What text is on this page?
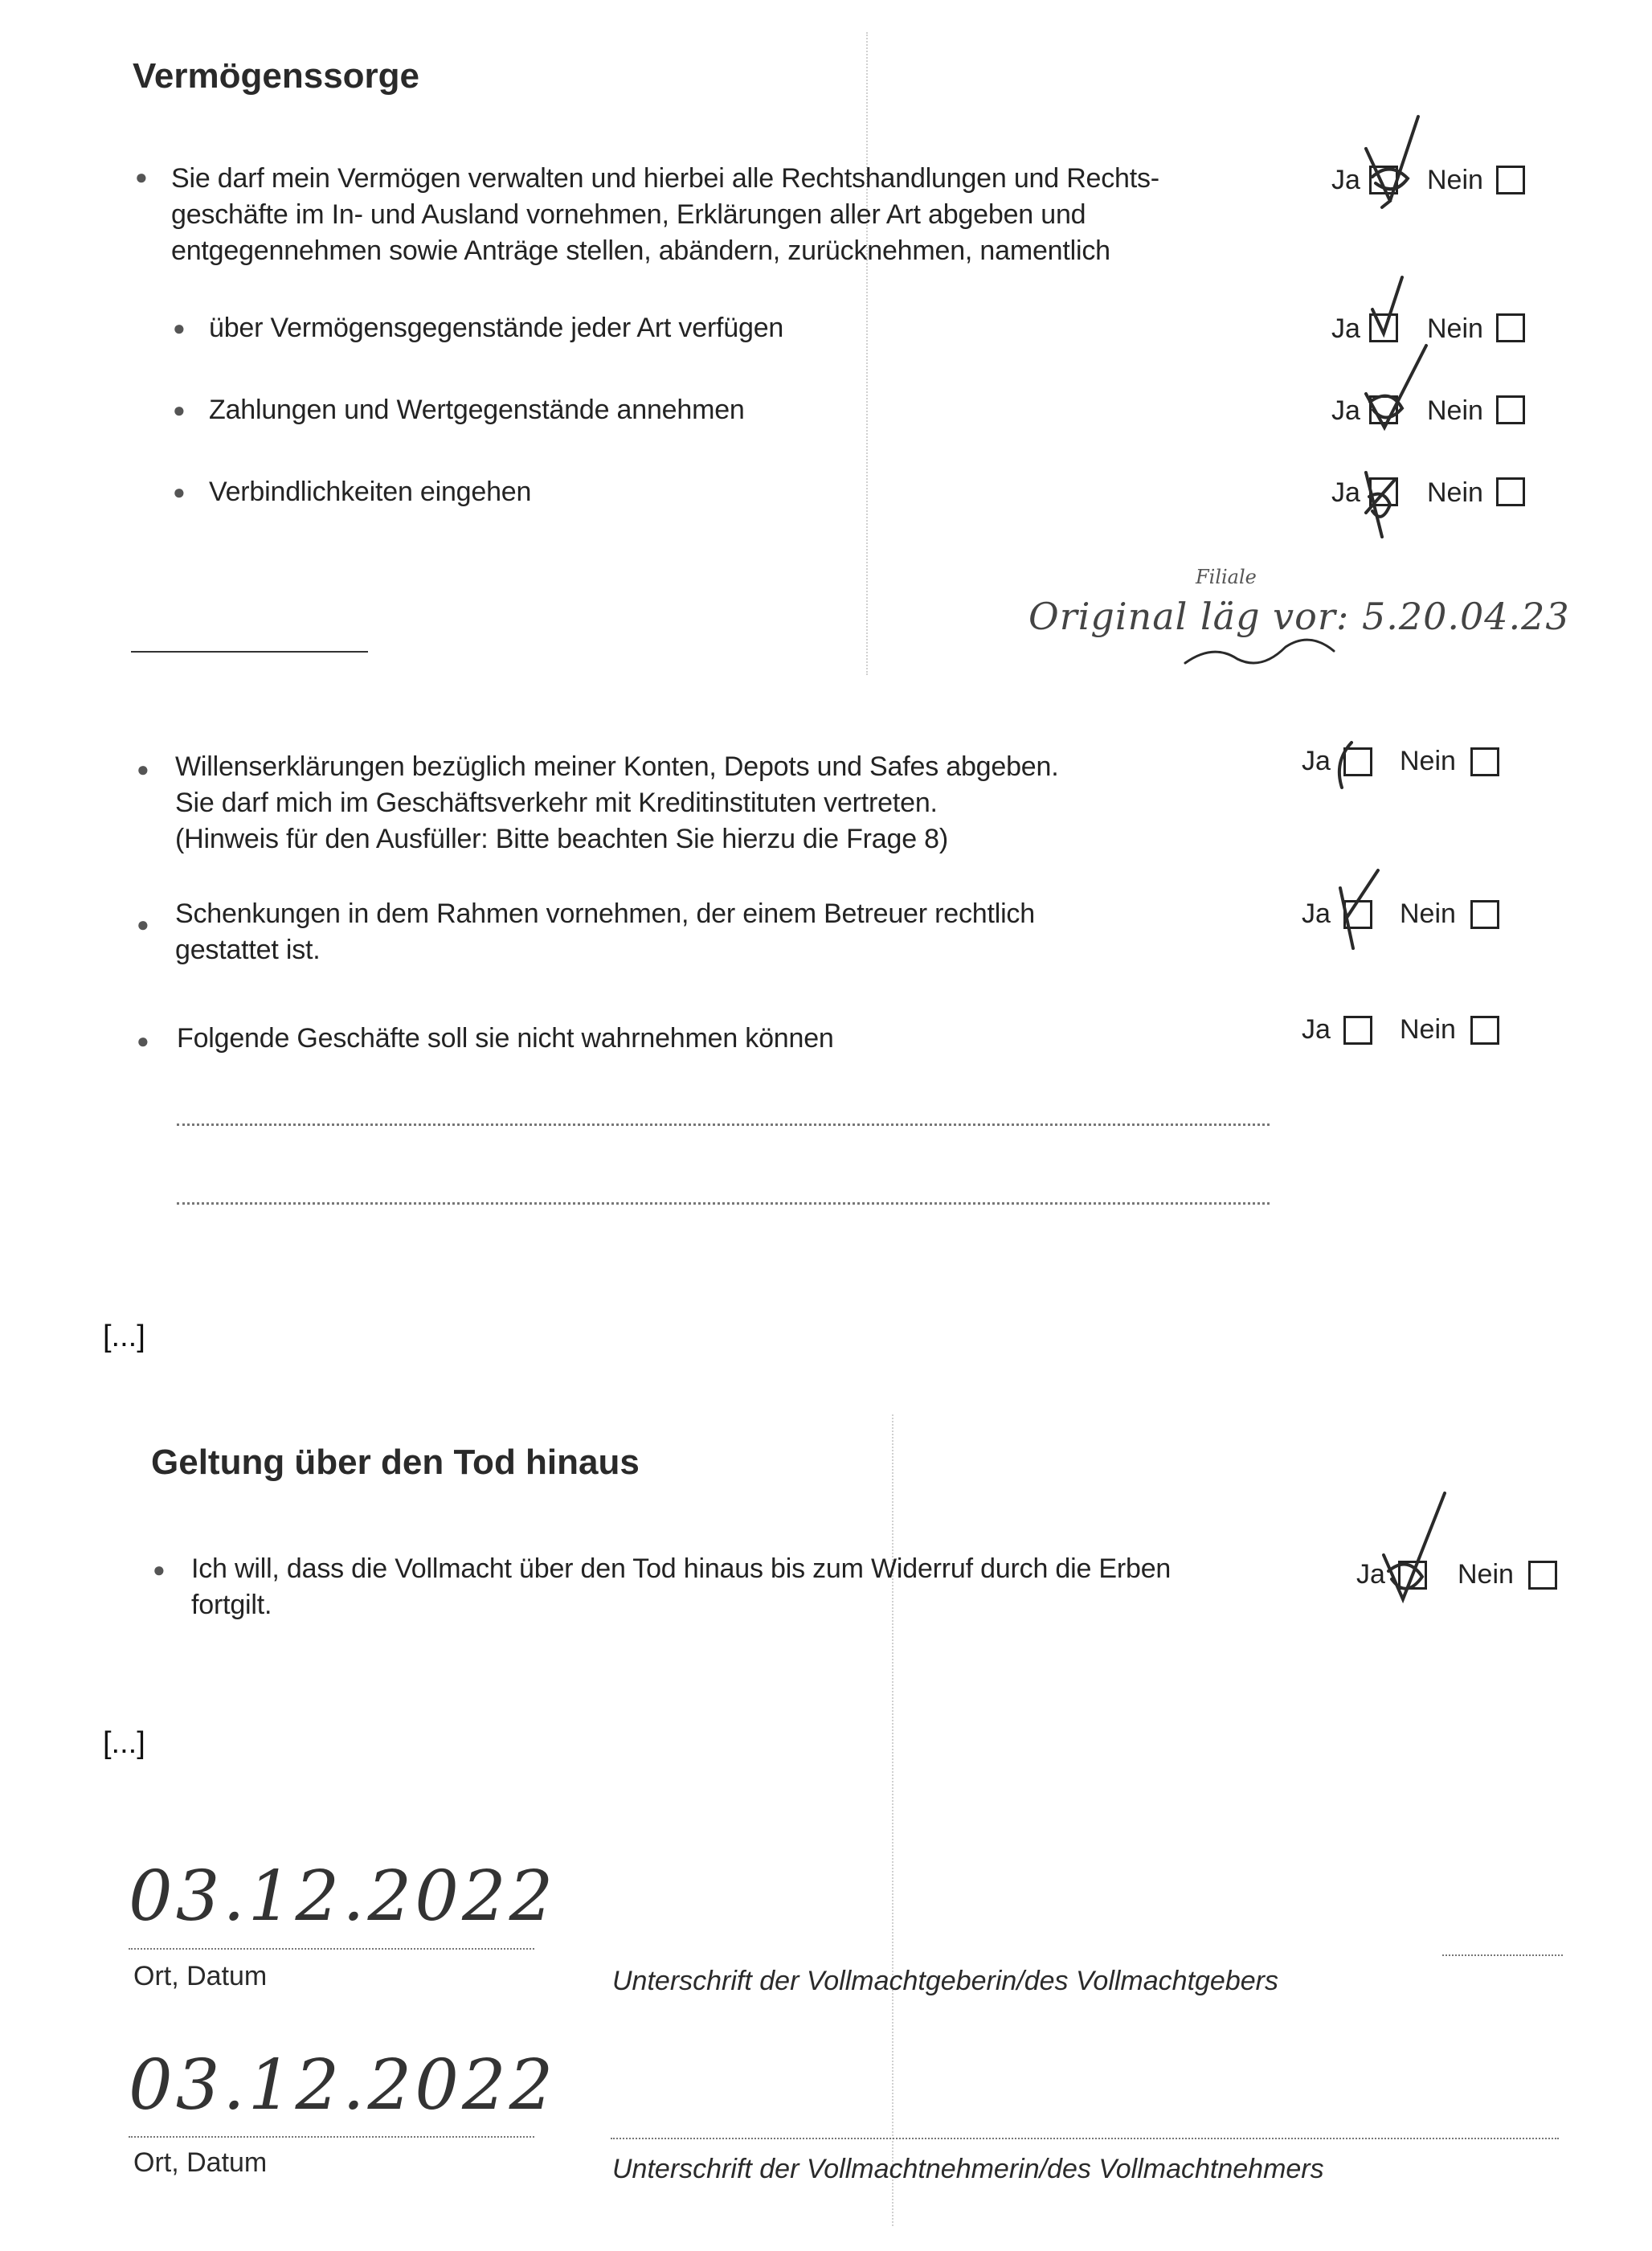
Vermögenssorge
● Sie darf mein Vermögen verwalten und hierbei alle Rechtshandlungen und Rechts-
geschäfte im In- und Ausland vornehmen, Erklärungen aller Art abgeben und
entgegennehmen sowie Anträge stellen, abändern, zurücknehmen, namentlich
Ja Nein
● über Vermögensgegenstände jeder Art verfügen	Ja Nein
● Zahlungen und Wertgegenstände annehmen	Ja Nein
● Verbindlichkeiten eingehen	Ja Nein
Filiale
Original läg vor: 5.20.04.23
● Willenserklärungen bezüglich meiner Konten, Depots und Safes abgeben.
Sie darf mich im Geschäftsverkehr mit Kreditinstituten vertreten.
(Hinweis für den Ausfüller: Bitte beachten Sie hierzu die Frage 8)
Ja	Nein
● Schenkungen in dem Rahmen vornehmen, der einem Betreuer rechtlich
gestattet ist.
Ja	Nein
● Folgende Geschäfte soll sie nicht wahrnehmen können	Ja	Nein
[...]
Geltung über den Tod hinaus
● Ich will, dass die Vollmacht über den Tod hinaus bis zum Widerruf durch die Erben
fortgilt.
Ja	Nein
[...]
03.12.2022
Ort, Datum	Unterschrift der Vollmachtgeberin/des Vollmachtgebers
03.12.2022
Ort, Datum	Unterschrift der Vollmachtnehmerin/des Vollmachtnehmers
